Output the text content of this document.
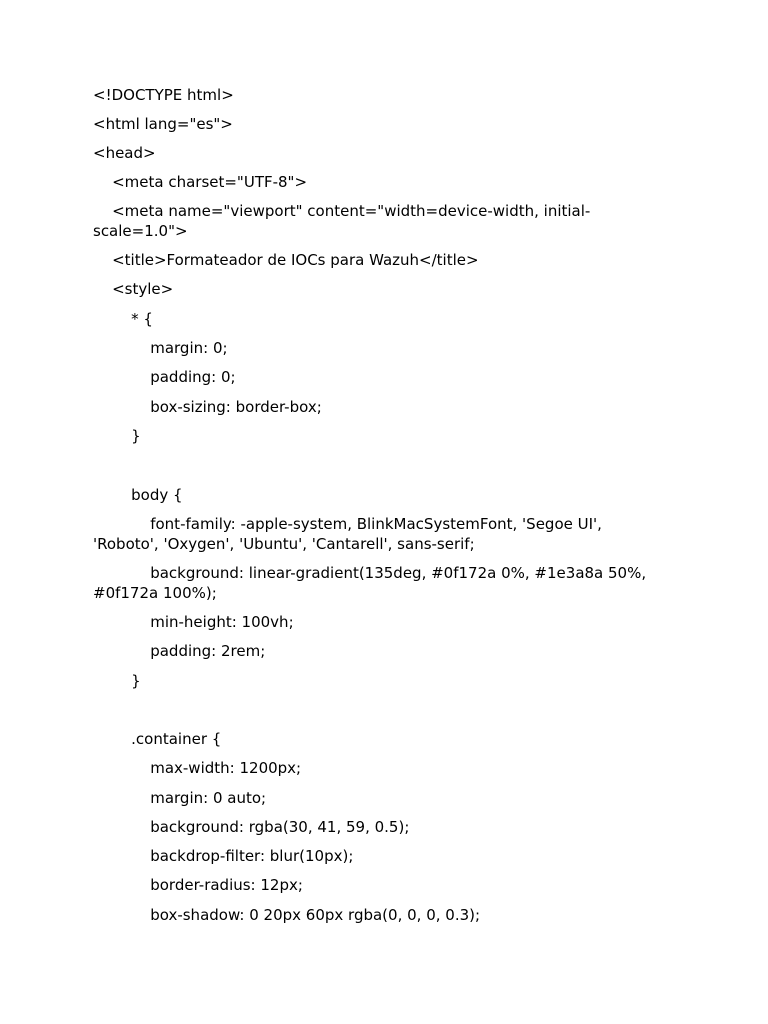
<!DOCTYPE html>

<html lang="es">

<head>

<meta charset="UTF-8">

<meta name="viewport" content="width=device-width, initial-
scale=1.0">

<title>Formateador de IOCs para Wazuh</title>

<style>

* {

margin: 0;

padding: 0;

box-sizing: border-box;

}

body {

font-family: -apple-system, BlinkMacSystemFont, 'Segoe UI',
'Roboto', 'Oxygen', 'Ubuntu', 'Cantarell', sans-serif;

background: linear-gradient(135deg, #0f172a 0%, #1e3a8a 50%,
#0f172a 100%);

min-height: 100vh;

padding: 2rem;

}

.container {

max-width: 1200px;

margin: 0 auto;

background: rgba(30, 41, 59, 0.5);

backdrop-filter: blur(10px);

border-radius: 12px;

box-shadow: 0 20px 60px rgba(0, 0, 0, 0.3);
